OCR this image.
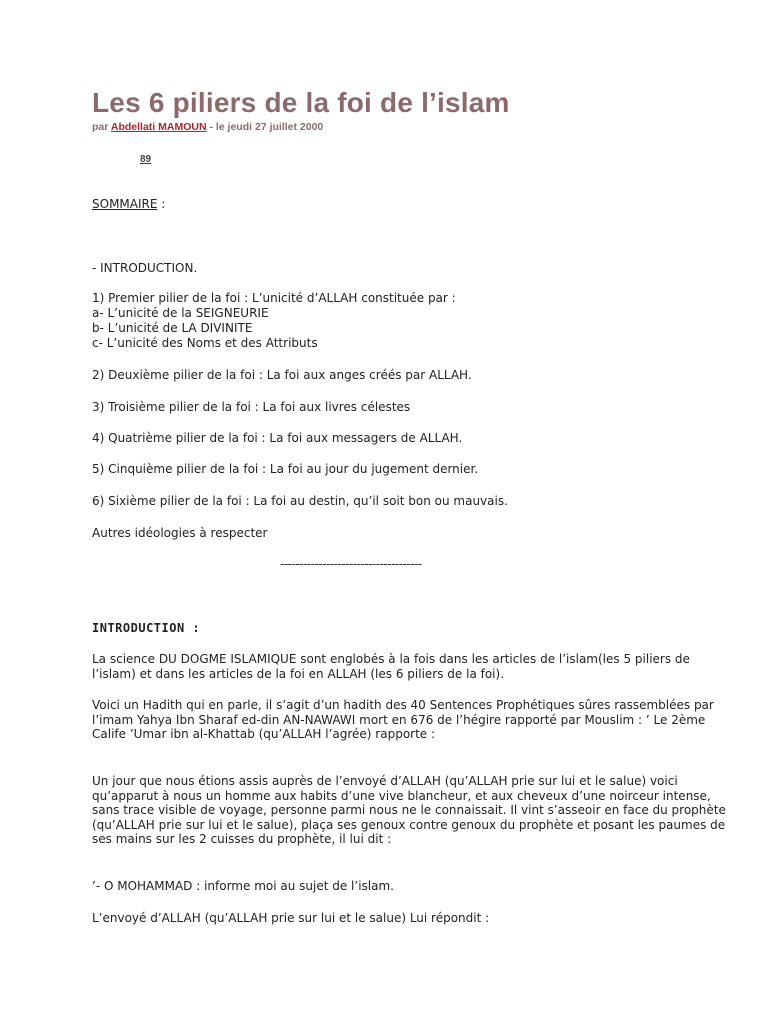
Les 6 piliers de la foi de l’islam
par Abdellati MAMOUN - le jeudi 27 juillet 2000
89
SOMMAIRE :
- INTRODUCTION.
1) Premier pilier de la foi : L’unicité d’ALLAH constituée par :
a- L’unicité de la SEIGNEURIE
b- L’unicité de LA DIVINITE
c- L’unicité des Noms et des Attributs
2) Deuxième pilier de la foi : La foi aux anges créés par ALLAH.
3) Troisième pilier de la foi : La foi aux livres célestes
4) Quatrième pilier de la foi : La foi aux messagers de ALLAH.
5) Cinquième pilier de la foi : La foi au jour du jugement dernier.
6) Sixième pilier de la foi : La foi au destin, qu’il soit bon ou mauvais.
Autres idéologies à respecter
-------------------------------------
INTRODUCTION :
La science DU DOGME ISLAMIQUE sont englobés à la fois dans les articles de l’islam(les 5 piliers de l’islam) et dans les articles de la foi en ALLAH (les 6 piliers de la foi).
Voici un Hadith qui en parle, il s’agit d’un hadith des 40 Sentences Prophétiques sûres rassemblées par l’imam Yahya Ibn Sharaf ed-din AN-NAWAWI mort en 676 de l’hégire rapporté par Mouslim : ’ Le 2ème Calife ’Umar ibn al-Khattab (qu’ALLAH l’agrée) rapporte :
Un jour que nous étions assis auprès de l’envoyé d’ALLAH (qu’ALLAH prie sur lui et le salue) voici qu’apparut à nous un homme aux habits d’une vive blancheur, et aux cheveux d’une noirceur intense, sans trace visible de voyage, personne parmi nous ne le connaissait. Il vint s’asseoir en face du prophète (qu’ALLAH prie sur lui et le salue), plaça ses genoux contre genoux du prophète et posant les paumes de ses mains sur les 2 cuisses du prophète, il lui dit :
’- O MOHAMMAD : informe moi au sujet de l’islam.
L’envoyé d’ALLAH (qu’ALLAH prie sur lui et le salue) Lui répondit :
